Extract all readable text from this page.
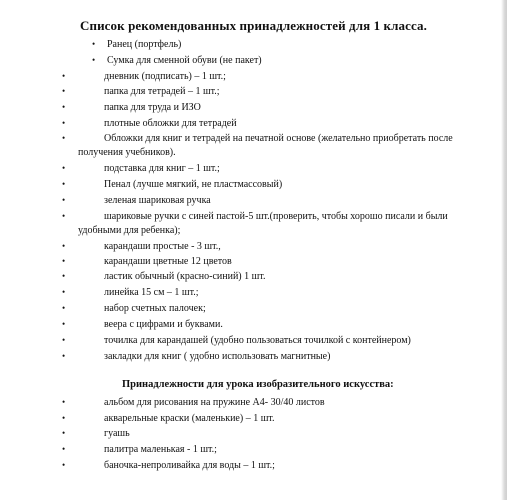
Список рекомендованных принадлежностей для 1 класса.
• Ранец (портфель)
• Сумка для сменной обуви (не пакет)
•	дневник (подписать) – 1 шт.;
•	папка для тетрадей – 1 шт.;
•	папка для труда и ИЗО
•	плотные обложки для тетрадей
•	Обложки для книг и тетрадей на печатной основе (желательно приобретать после
получения учебников).
•	подставка для книг – 1 шт.;
•	Пенал (лучше мягкий, не пластмассовый)
•	зеленая шариковая ручка
•	шариковые ручки с синей пастой-5 шт.(проверить, чтобы хорошо писали и были
удобными для ребенка);
•	карандаши простые - 3 шт.,
•	карандаши цветные 12 цветов
•	ластик обычный (красно-синий) 1 шт.
•	линейка 15 см – 1 шт.;
•	набор счетных палочек;
•	веера с цифрами и буквами.
•	точилка для карандашей (удобно пользоваться точилкой с контейнером)
•	закладки для книг ( удобно использовать магнитные)
Принадлежности для урока изобразительного искусства:
•	альбом для рисования на пружине А4- 30/40 листов
•	акварельные краски (маленькие) – 1 шт.
•	гуашь
•	палитра маленькая - 1 шт.;
•	баночка-непроливайка для воды – 1 шт.;
